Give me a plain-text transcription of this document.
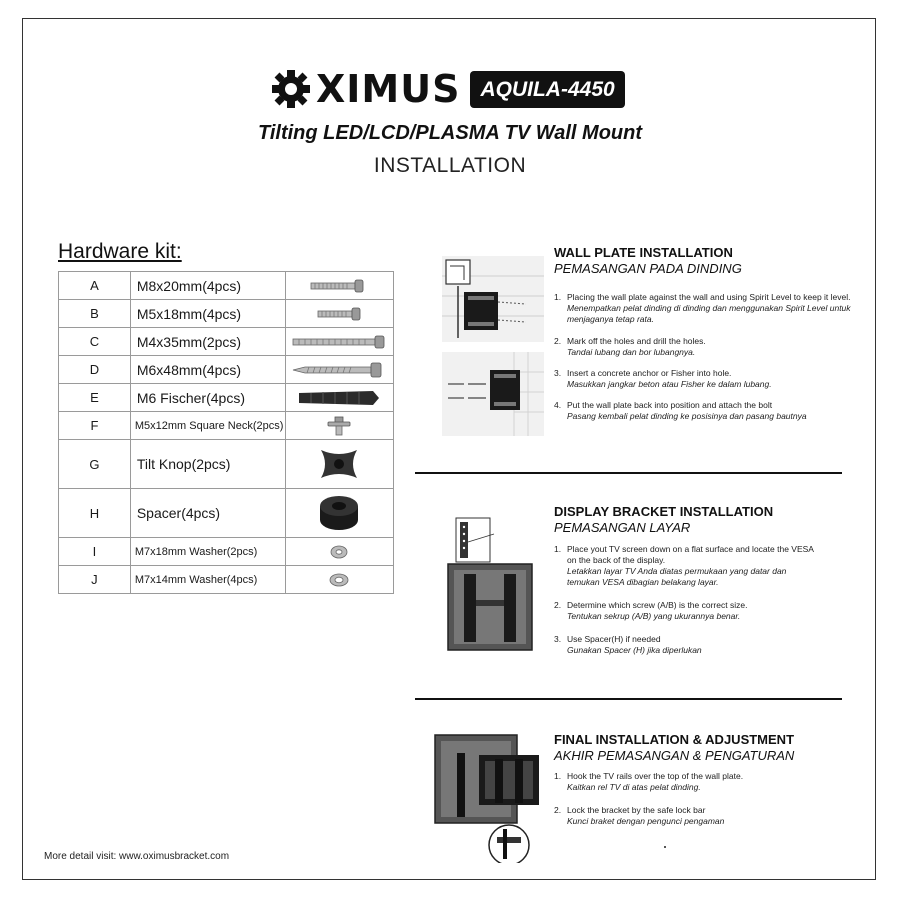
XIMUS AQUILA-4450
Tilting LED/LCD/PLASMA TV Wall Mount
INSTALLATION
Hardware kit:
A	M8x20mm(4pcs)	

B	M5x18mm(4pcs)	

C	M4x35mm(2pcs)	

D	M6x48mm(4pcs)	

E	M6 Fischer(4pcs)	

F	M5x12mm Square Neck(2pcs)	

G	Tilt Knop(2pcs)	

H	Spacer(4pcs)	

I	M7x18mm Washer(2pcs)	

J	M7x14mm Washer(4pcs)	
WALL PLATE INSTALLATION
PEMASANGAN PADA DINDING
1. Placing the wall plate against the wall and using Spirit Level to keep it level.
Menempatkan pelat dinding di dinding dan menggunakan Spirit Level untuk menjaganya tetap rata.
2. Mark off the holes and drill the holes.
Tandai lubang dan bor lubangnya.
3. Insert a concrete anchor or Fisher into hole.
Masukkan jangkar beton atau Fisher ke dalam lubang.
4. Put the wall plate back into position and attach the bolt
Pasang kembali pelat dinding ke posisinya dan pasang bautnya
DISPLAY BRACKET INSTALLATION
PEMASANGAN LAYAR
1. Place yout TV screen down on a flat surface and locate the VESA on the back of the display.
Letakkan layar TV Anda diatas permukaan yang datar dan temukan VESA dibagian belakang layar.
2. Determine which screw (A/B) is the correct size.
Tentukan sekrup (A/B) yang ukurannya benar.
3. Use Spacer(H) if needed
Gunakan Spacer (H) jika diperlukan
FINAL INSTALLATION & ADJUSTMENT
AKHIR PEMASANGAN & PENGATURAN
1. Hook the TV rails over the top of the wall plate.
Kaitkan rel TV di atas pelat dinding.
2. Lock the bracket by the safe lock bar
Kunci braket dengan pengunci pengaman
More detail visit: www.oximusbracket.com
